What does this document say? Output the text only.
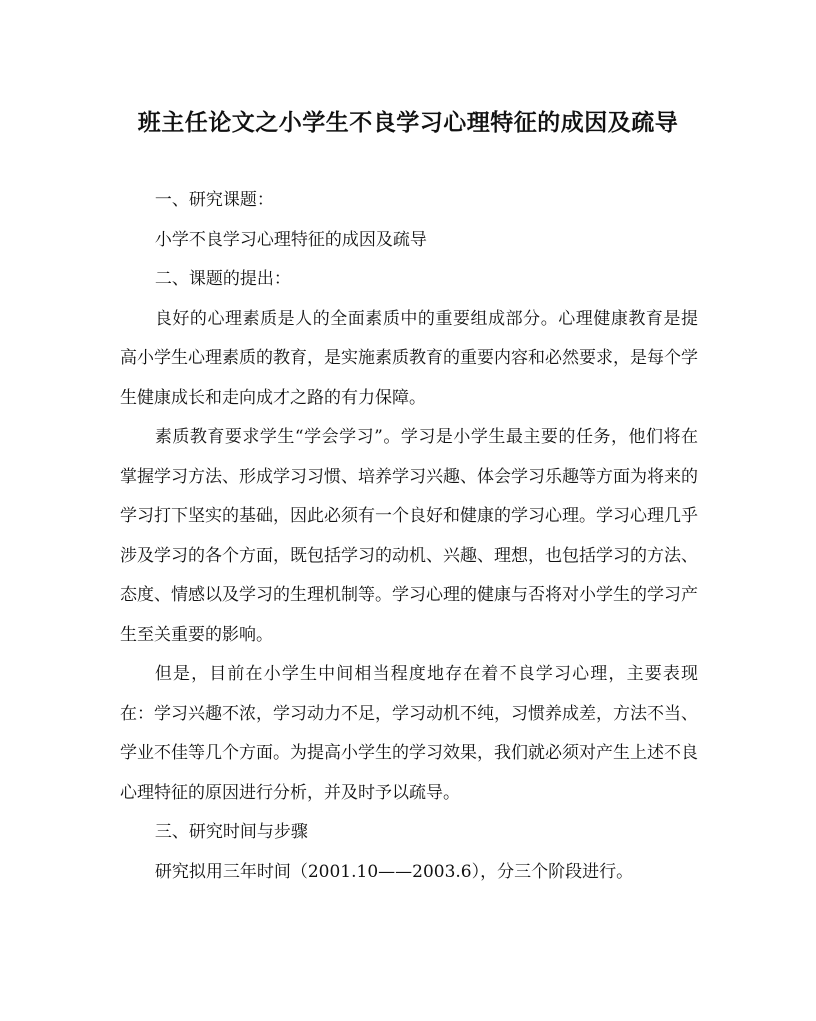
班主任论文之小学生不良学习心理特征的成因及疏导

一、研究课题：

小学不良学习心理特征的成因及疏导

二、课题的提出：

良好的心理素质是人的全面素质中的重要组成部分。心理健康教育是提高小学生心理素质的教育，是实施素质教育的重要内容和必然要求，是每个学生健康成长和走向成才之路的有力保障。

素质教育要求学生“学会学习”。学习是小学生最主要的任务，他们将在掌握学习方法、形成学习习惯、培养学习兴趣、体会学习乐趣等方面为将来的学习打下坚实的基础，因此必须有一个良好和健康的学习心理。学习心理几乎涉及学习的各个方面，既包括学习的动机、兴趣、理想，也包括学习的方法、态度、情感以及学习的生理机制等。学习心理的健康与否将对小学生的学习产生至关重要的影响。

但是，目前在小学生中间相当程度地存在着不良学习心理，主要表现在：学习兴趣不浓，学习动力不足，学习动机不纯，习惯养成差，方法不当、学业不佳等几个方面。为提高小学生的学习效果，我们就必须对产生上述不良心理特征的原因进行分析，并及时予以疏导。

三、研究时间与步骤

研究拟用三年时间（2001.10——2003.6），分三个阶段进行。
